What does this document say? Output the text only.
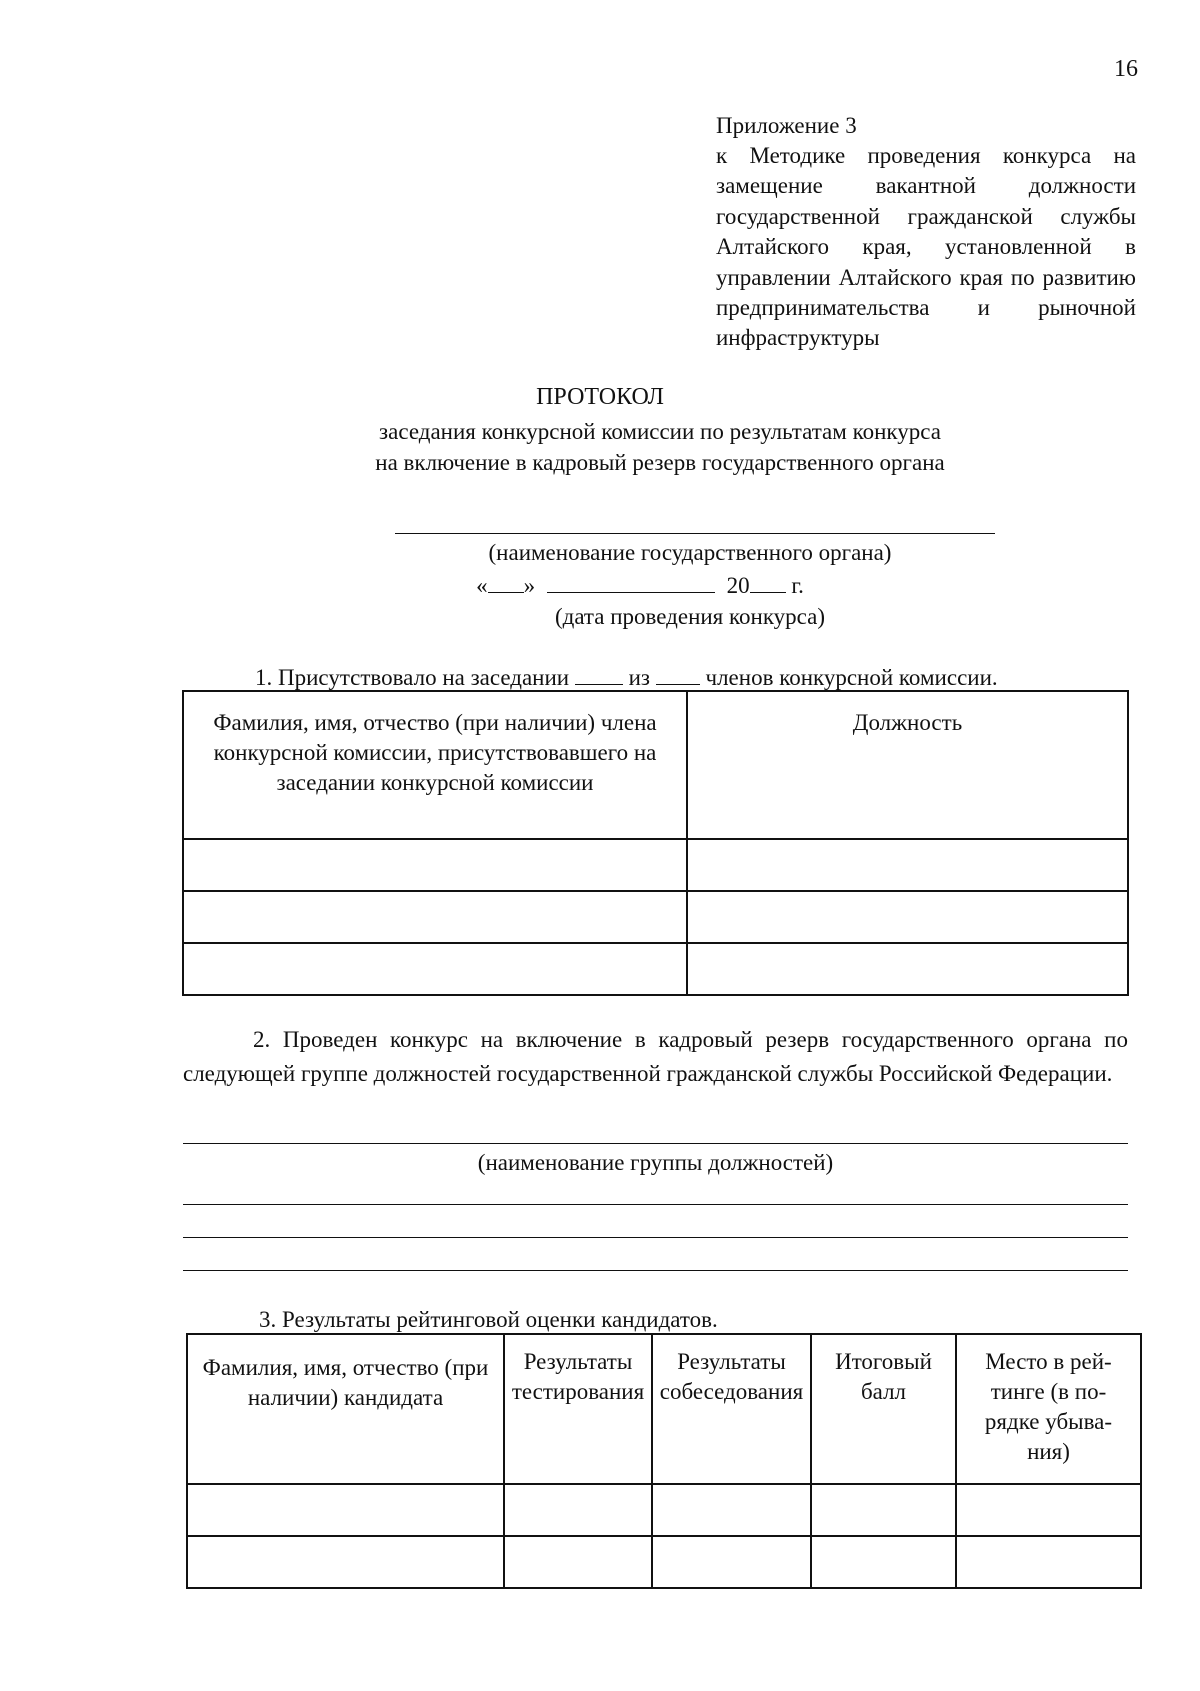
16
Приложение 3
к Методике проведения конкурса на замещение вакантной должности государственной гражданской службы Алтайского края, установленной в управлении Алтайского края по развитию предпринимательства и рыночной инфраструктуры
ПРОТОКОЛ
заседания конкурсной комиссии по результатам конкурса
на включение в кадровый резерв государственного органа
(наименование государственного органа)
« »	20 г.
(дата проведения конкурса)
1. Присутствовало на заседании	из членов конкурсной комиссии.
Фамилия, имя, отчество (при наличии) члена конкурсной комиссии, присутствовавшего на заседании конкурсной комиссии	Должность

2. Проведен конкурс на включение в кадровый резерв государственного органа по следующей группе должностей государственной гражданской службы Российской Федерации.
(наименование группы должностей)
3. Результаты рейтинговой оценки кандидатов.
Фамилия, имя, отчество (при наличии) кандидата	Результаты тестирования	Результаты собеседования	Итоговый балл	Место в рейтинге (в порядке убывания)
